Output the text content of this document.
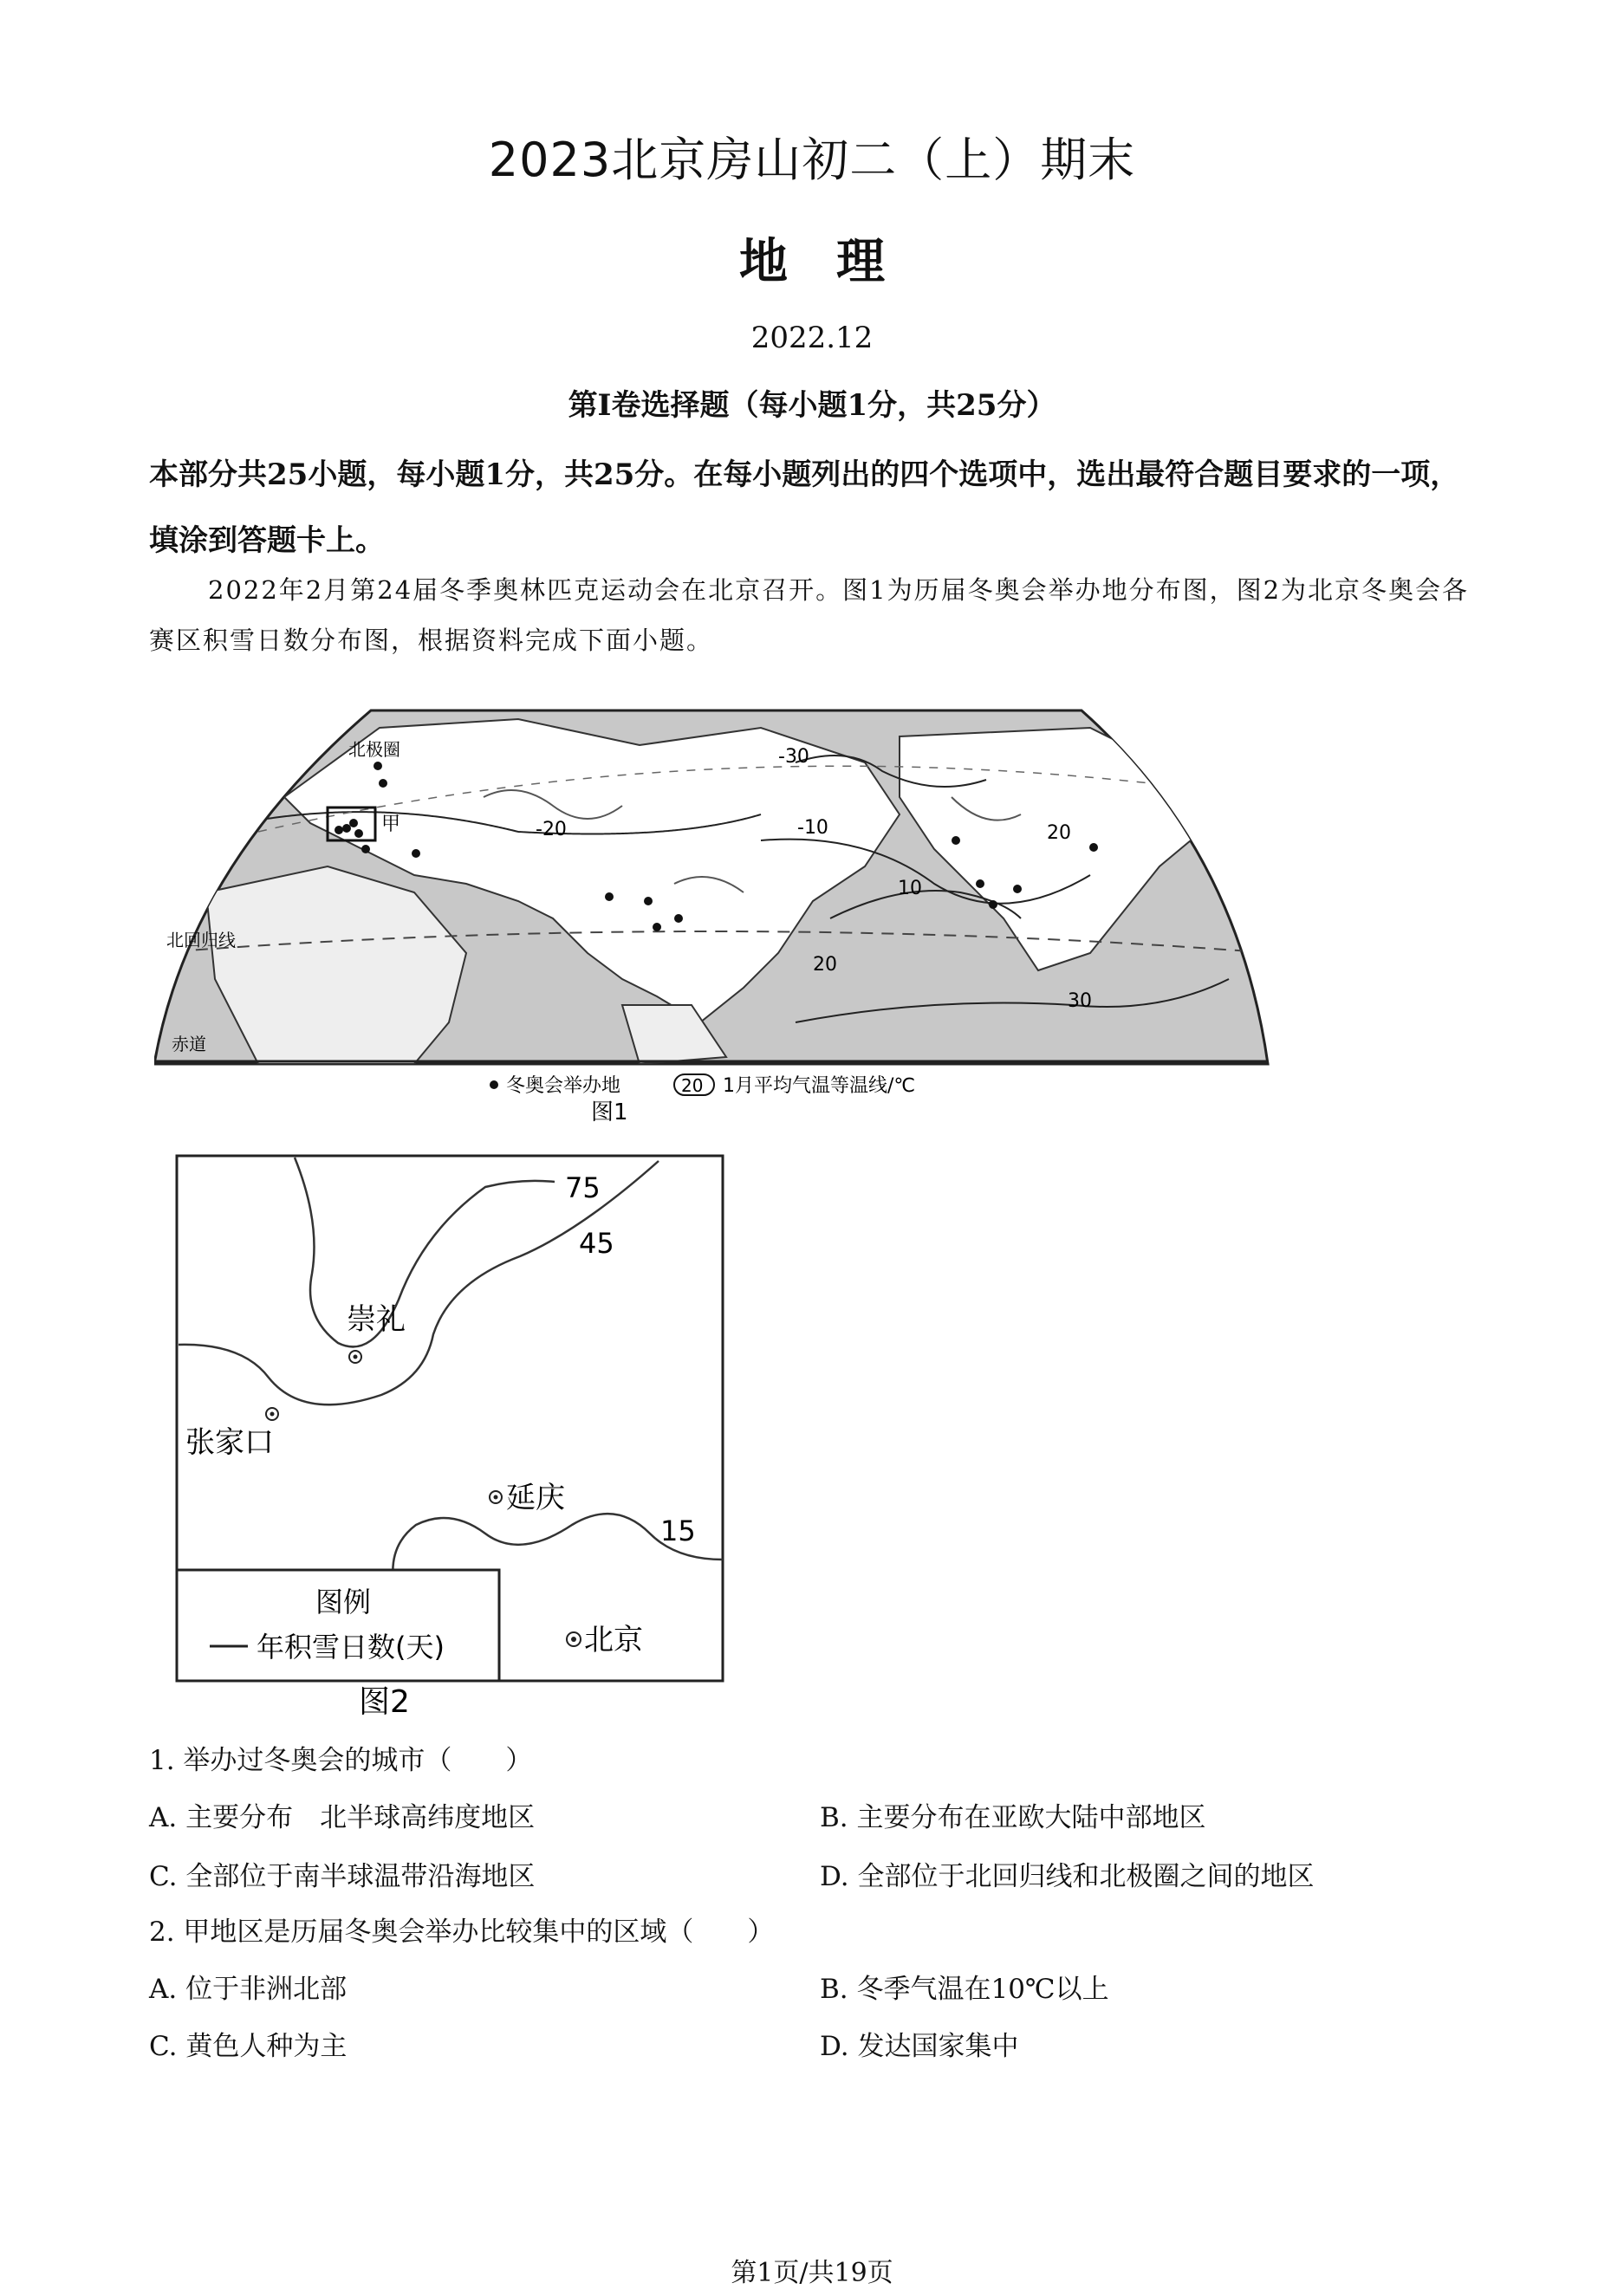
2023北京房山初二（上）期末
地　理
2022.12
第Ⅰ卷选择题（每小题1分，共25分）
本部分共25小题，每小题1分，共25分。在每小题列出的四个选项中，选出最符合题目要求的一项，填涂到答题卡上。

2022年2月第24届冬季奥林匹克运动会在北京召开。图1为历届冬奥会举办地分布图，图2为北京冬奥会各赛区积雪日数分布图，根据资料完成下面小题。

北极圈
甲
北回归线
赤道
-30
-20	-10
10
20
20
30
冬奥会举办地	20 1月平均气温等温线/℃
图1
75
45
15
崇礼
张家口
延庆
北京
图例
年积雪日数(天)
图2
1. 举办过冬奥会的城市（　　）
A. 主要分布　北半球高纬度地区	B. 主要分布在亚欧大陆中部地区
C. 全部位于南半球温带沿海地区	D. 全部位于北回归线和北极圈之间的地区
2. 甲地区是历届冬奥会举办比较集中的区域（　　）
A. 位于非洲北部	B. 冬季气温在10℃以上
C. 黄色人种为主	D. 发达国家集中
第1页/共19页
